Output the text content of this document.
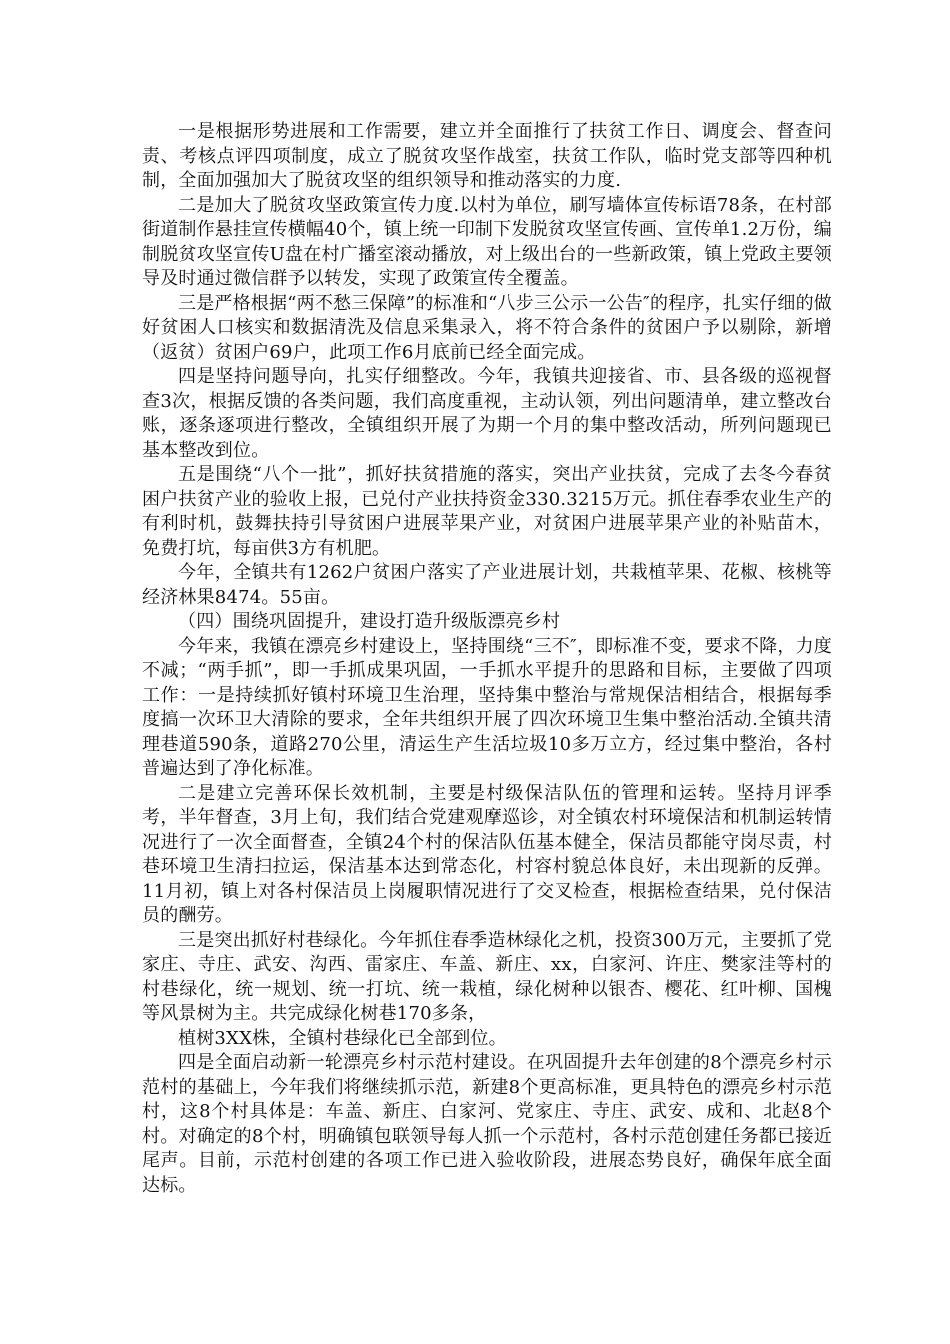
一是根据形势进展和工作需要，建立并全面推行了扶贫工作日、调度会、督查问责、考核点评四项制度，成立了脱贫攻坚作战室，扶贫工作队，临时党支部等四种机制，全面加强加大了脱贫攻坚的组织领导和推动落实的力度.

二是加大了脱贫攻坚政策宣传力度.以村为单位，刷写墙体宣传标语78条，在村部街道制作悬挂宣传横幅40个，镇上统一印制下发脱贫攻坚宣传画、宣传单1.2万份，编制脱贫攻坚宣传U盘在村广播室滚动播放，对上级出台的一些新政策，镇上党政主要领导及时通过微信群予以转发，实现了政策宣传全覆盖。

三是严格根据“两不愁三保障”的标准和“八步三公示一公告″的程序，扎实仔细的做好贫困人口核实和数据清洗及信息采集录入，将不符合条件的贫困户予以剔除，新增（返贫）贫困户69户，此项工作6月底前已经全面完成。

四是坚持问题导向，扎实仔细整改。今年，我镇共迎接省、市、县各级的巡视督查3次，根据反馈的各类问题，我们高度重视，主动认领，列出问题清单，建立整改台账，逐条逐项进行整改，全镇组织开展了为期一个月的集中整改活动，所列问题现已基本整改到位。

五是围绕“八个一批”，抓好扶贫措施的落实，突出产业扶贫，完成了去冬今春贫困户扶贫产业的验收上报，已兑付产业扶持资金330.3215万元。抓住春季农业生产的有利时机，鼓舞扶持引导贫困户进展苹果产业，对贫困户进展苹果产业的补贴苗木，免费打坑，每亩供3方有机肥。

今年，全镇共有1262户贫困户落实了产业进展计划，共栽植苹果、花椒、核桃等经济林果8474。55亩。

（四）围绕巩固提升，建设打造升级版漂亮乡村

今年来，我镇在漂亮乡村建设上，坚持围绕“三不″，即标准不变，要求不降，力度不减；“两手抓”，即一手抓成果巩固，一手抓水平提升的思路和目标，主要做了四项工作：一是持续抓好镇村环境卫生治理，坚持集中整治与常规保洁相结合，根据每季度搞一次环卫大清除的要求，全年共组织开展了四次环境卫生集中整治活动.全镇共清理巷道590条，道路270公里，清运生产生活垃圾10多万立方，经过集中整治，各村普遍达到了净化标准。

二是建立完善环保长效机制，主要是村级保洁队伍的管理和运转。坚持月评季考，半年督查，3月上旬，我们结合党建观摩巡诊，对全镇农村环境保洁和机制运转情况进行了一次全面督查，全镇24个村的保洁队伍基本健全，保洁员都能守岗尽责，村巷环境卫生清扫拉运，保洁基本达到常态化，村容村貌总体良好，未出现新的反弹。11月初，镇上对各村保洁员上岗履职情况进行了交叉检查，根据检查结果，兑付保洁员的酬劳。

三是突出抓好村巷绿化。今年抓住春季造林绿化之机，投资300万元，主要抓了党家庄、寺庄、武安、沟西、雷家庄、车盖、新庄、xx，白家河、许庄、樊家洼等村的村巷绿化，统一规划、统一打坑、统一栽植，绿化树种以银杏、樱花、红叶柳、国槐等风景树为主。共完成绿化树巷170多条，

植树3XX株，全镇村巷绿化已全部到位。

四是全面启动新一轮漂亮乡村示范村建设。在巩固提升去年创建的8个漂亮乡村示范村的基础上，今年我们将继续抓示范，新建8个更高标准，更具特色的漂亮乡村示范村，这8个村具体是：车盖、新庄、白家河、党家庄、寺庄、武安、成和、北赵8个村。对确定的8个村，明确镇包联领导每人抓一个示范村，各村示范创建任务都已接近尾声。目前，示范村创建的各项工作已进入验收阶段，进展态势良好，确保年底全面达标。
